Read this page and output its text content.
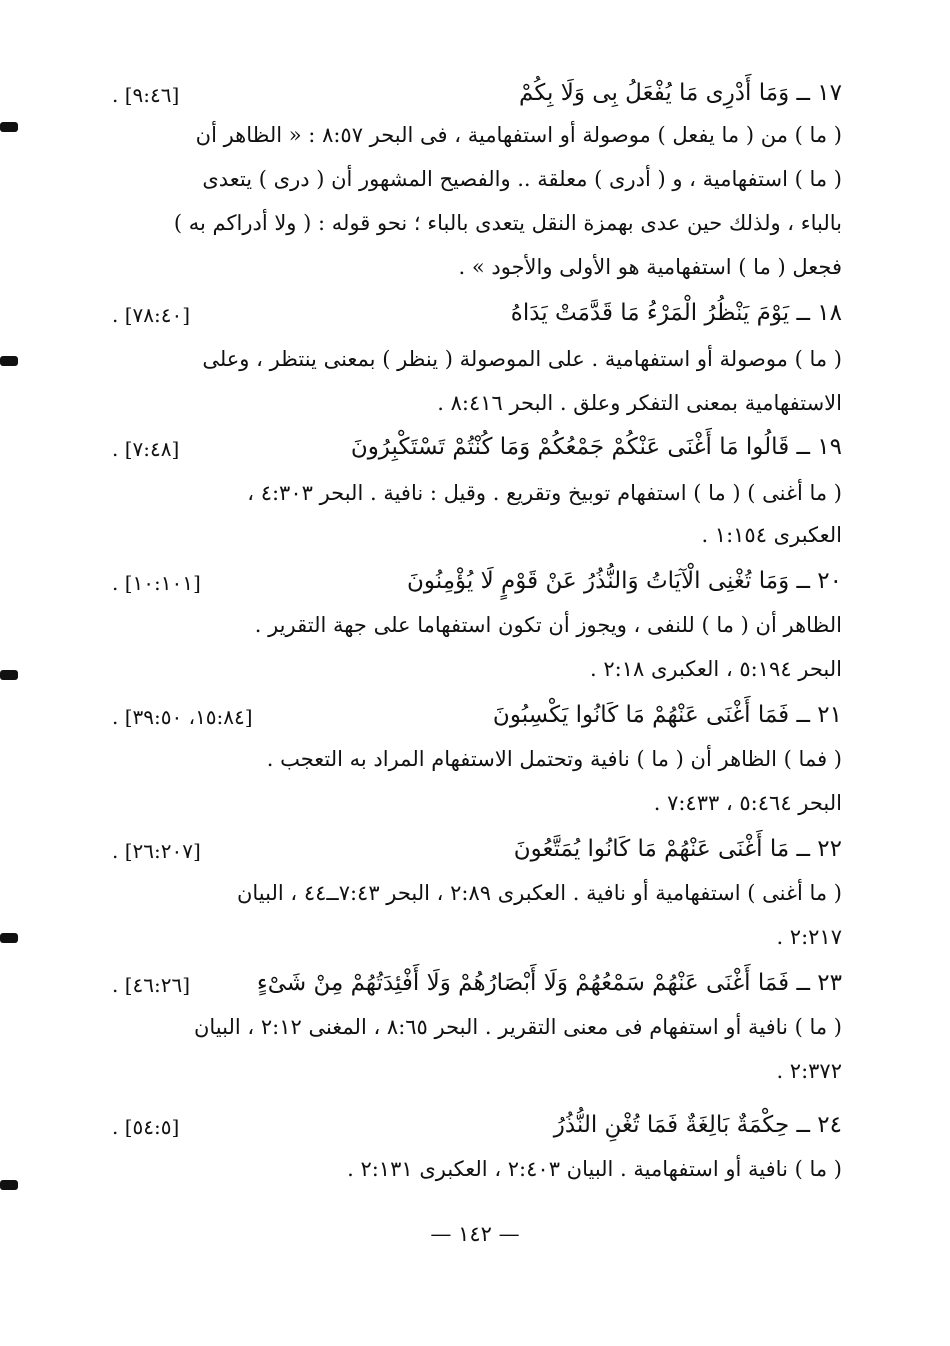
١٧ ــ وَمَا أَدْرِى مَا يُفْعَلُ بِى وَلَا بِكُمْ
[٩:٤٦] .
( ما ) من ( ما يفعل ) موصولة أو استفهامية ، فى البحر ٨:٥٧ : « الظاهر أن
( ما ) استفهامية ، و ( أدرى ) معلقة .. والفصيح المشهور أن ( درى ) يتعدى
بالباء ، ولذلك حين عدى بهمزة النقل يتعدى بالباء ؛ نحو قوله : ( ولا أدراكم به )
فجعل ( ما ) استفهامية هو الأولى والأجود » .
١٨ ــ يَوْمَ يَنْظُرُ الْمَرْءُ مَا قَدَّمَتْ يَدَاهُ
[٧٨:٤٠] .
( ما ) موصولة أو استفهامية . على الموصولة ( ينظر ) بمعنى ينتظر ، وعلى
الاستفهامية بمعنى التفكر وعلق . البحر ٨:٤١٦ .
١٩ ــ قَالُوا مَا أَغْنَى عَنْكُمْ جَمْعُكُمْ وَمَا كُنْتُمْ تَسْتَكْبِرُونَ
[٧:٤٨] .
( ما أغنى ) ( ما ) استفهام توبيخ وتقريع . وقيل : نافية . البحر ٤:٣٠٣ ،
العكبرى ١:١٥٤ .
٢٠ ــ وَمَا تُغْنِى الْآيَاتُ وَالنُّذُرُ عَنْ قَوْمٍ لَا يُؤْمِنُونَ
[١٠:١٠١] .
الظاهر أن ( ما ) للنفى ، ويجوز أن تكون استفهاما على جهة التقرير .
البحر ٥:١٩٤ ، العكبرى ٢:١٨ .
٢١ ــ فَمَا أَغْنَى عَنْهُمْ مَا كَانُوا يَكْسِبُونَ
[١٥:٨٤، ٣٩:٥٠] .
( فما ) الظاهر أن ( ما ) نافية وتحتمل الاستفهام المراد به التعجب .
البحر ٥:٤٦٤ ، ٧:٤٣٣ .
٢٢ ــ مَا أَغْنَى عَنْهُمْ مَا كَانُوا يُمَتَّعُونَ
[٢٦:٢٠٧] .
( ما أغنى ) استفهامية أو نافية . العكبرى ٢:٨٩ ، البحر ٧:٤٣ــ٤٤ ، البيان
٢:٢١٧ .
٢٣ ــ فَمَا أَغْنَى عَنْهُمْ سَمْعُهُمْ وَلَا أَبْصَارُهُمْ وَلَا أَفْئِدَتُهُمْ مِنْ شَىْءٍ
[٤٦:٢٦] .
( ما ) نافية أو استفهام فى معنى التقرير . البحر ٨:٦٥ ، المغنى ٢:١٢ ، البيان
٢:٣٧٢ .
٢٤ ــ حِكْمَةٌ بَالِغَةٌ فَمَا تُغْنِ النُّذُرُ
[٥٤:٥] .
( ما ) نافية أو استفهامية . البيان ٢:٤٠٣ ، العكبرى ٢:١٣١ .
— ١٤٢ —
